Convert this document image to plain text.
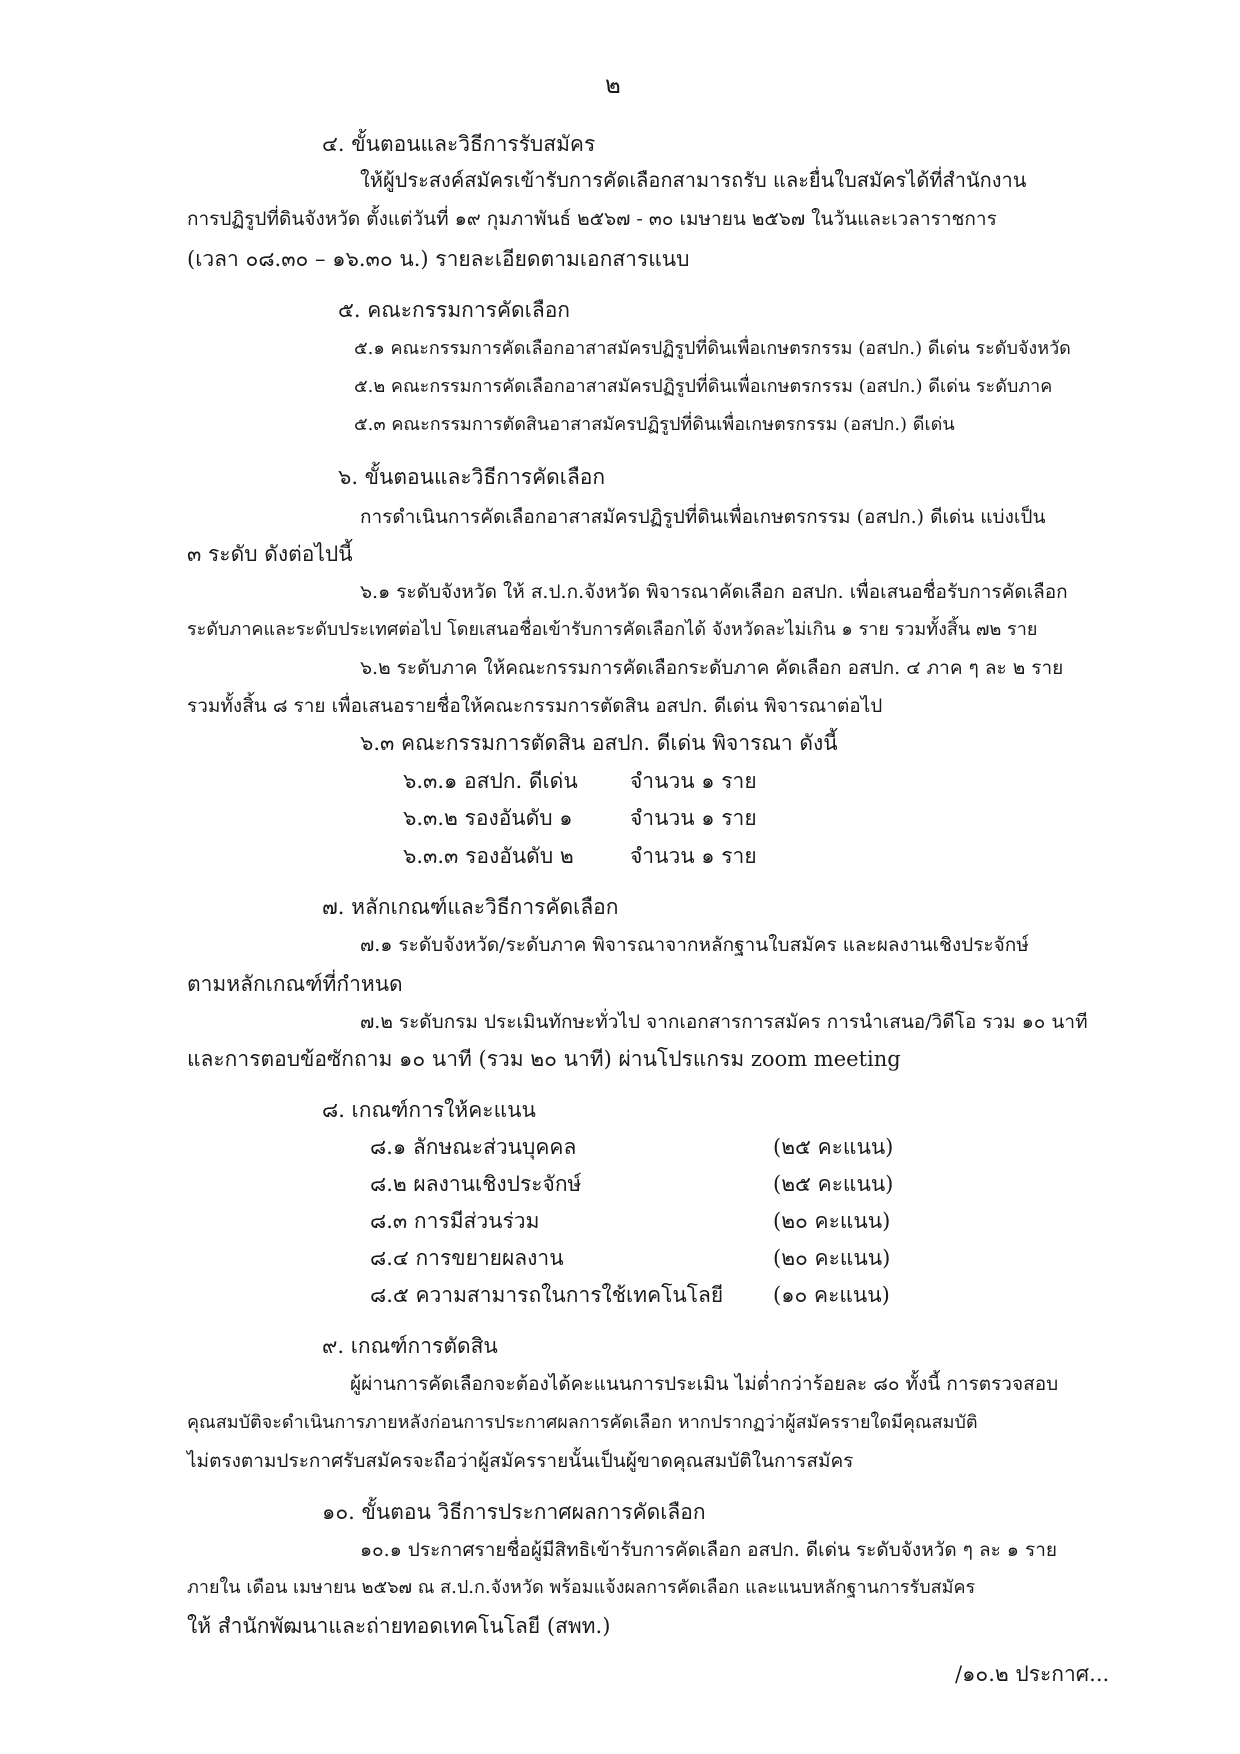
๒
๔. ขั้นตอนและวิธีการรับสมัคร
ให้ผู้ประสงค์สมัครเข้ารับการคัดเลือกสามารถรับ และยื่นใบสมัครได้ที่สำนักงาน
การปฏิรูปที่ดินจังหวัด ตั้งแต่วันที่ ๑๙ กุมภาพันธ์ ๒๕๖๗ - ๓๐ เมษายน ๒๕๖๗ ในวันและเวลาราชการ
(เวลา ๐๘.๓๐ – ๑๖.๓๐ น.) รายละเอียดตามเอกสารแนบ
๕. คณะกรรมการคัดเลือก
๕.๑ คณะกรรมการคัดเลือกอาสาสมัครปฏิรูปที่ดินเพื่อเกษตรกรรม (อสปก.) ดีเด่น ระดับจังหวัด
๕.๒ คณะกรรมการคัดเลือกอาสาสมัครปฏิรูปที่ดินเพื่อเกษตรกรรม (อสปก.) ดีเด่น ระดับภาค
๕.๓ คณะกรรมการตัดสินอาสาสมัครปฏิรูปที่ดินเพื่อเกษตรกรรม (อสปก.) ดีเด่น
๖. ขั้นตอนและวิธีการคัดเลือก
การดำเนินการคัดเลือกอาสาสมัครปฏิรูปที่ดินเพื่อเกษตรกรรม (อสปก.) ดีเด่น แบ่งเป็น
๓ ระดับ ดังต่อไปนี้
๖.๑ ระดับจังหวัด ให้ ส.ป.ก.จังหวัด พิจารณาคัดเลือก อสปก. เพื่อเสนอชื่อรับการคัดเลือก
ระดับภาคและระดับประเทศต่อไป โดยเสนอชื่อเข้ารับการคัดเลือกได้ จังหวัดละไม่เกิน ๑ ราย รวมทั้งสิ้น ๗๒ ราย
๖.๒ ระดับภาค ให้คณะกรรมการคัดเลือกระดับภาค คัดเลือก อสปก. ๔ ภาค ๆ ละ ๒ ราย
รวมทั้งสิ้น ๘ ราย เพื่อเสนอรายชื่อให้คณะกรรมการตัดสิน อสปก. ดีเด่น พิจารณาต่อไป
๖.๓ คณะกรรมการตัดสิน อสปก. ดีเด่น พิจารณา ดังนี้
๖.๓.๑ อสปก. ดีเด่น จำนวน ๑ ราย
๖.๓.๒ รองอันดับ ๑	จำนวน ๑ ราย
๖.๓.๓ รองอันดับ ๒	จำนวน ๑ ราย
๗. หลักเกณฑ์และวิธีการคัดเลือก
๗.๑ ระดับจังหวัด/ระดับภาค พิจารณาจากหลักฐานใบสมัคร และผลงานเชิงประจักษ์
ตามหลักเกณฑ์ที่กำหนด
๗.๒ ระดับกรม ประเมินทักษะทั่วไป จากเอกสารการสมัคร การนำเสนอ/วิดีโอ รวม ๑๐ นาที
และการตอบข้อซักถาม ๑๐ นาที (รวม ๒๐ นาที) ผ่านโปรแกรม zoom meeting
๘. เกณฑ์การให้คะแนน
๘.๑ ลักษณะส่วนบุคคล	(๒๕ คะแนน)
๘.๒ ผลงานเชิงประจักษ์	(๒๕ คะแนน)
๘.๓ การมีส่วนร่วม	(๒๐ คะแนน)
๘.๔ การขยายผลงาน	(๒๐ คะแนน)
๘.๕ ความสามารถในการใช้เทคโนโลยี (๑๐ คะแนน)
๙. เกณฑ์การตัดสิน
ผู้ผ่านการคัดเลือกจะต้องได้คะแนนการประเมิน ไม่ต่ำกว่าร้อยละ ๘๐ ทั้งนี้ การตรวจสอบ
คุณสมบัติจะดำเนินการภายหลังก่อนการประกาศผลการคัดเลือก หากปรากฏว่าผู้สมัครรายใดมีคุณสมบัติ
ไม่ตรงตามประกาศรับสมัครจะถือว่าผู้สมัครรายนั้นเป็นผู้ขาดคุณสมบัติในการสมัคร
๑๐. ขั้นตอน วิธีการประกาศผลการคัดเลือก
๑๐.๑ ประกาศรายชื่อผู้มีสิทธิเข้ารับการคัดเลือก อสปก. ดีเด่น ระดับจังหวัด ๆ ละ ๑ ราย
ภายใน เดือน เมษายน ๒๕๖๗ ณ ส.ป.ก.จังหวัด พร้อมแจ้งผลการคัดเลือก และแนบหลักฐานการรับสมัคร
ให้ สำนักพัฒนาและถ่ายทอดเทคโนโลยี (สพท.)
/๑๐.๒ ประกาศ...
